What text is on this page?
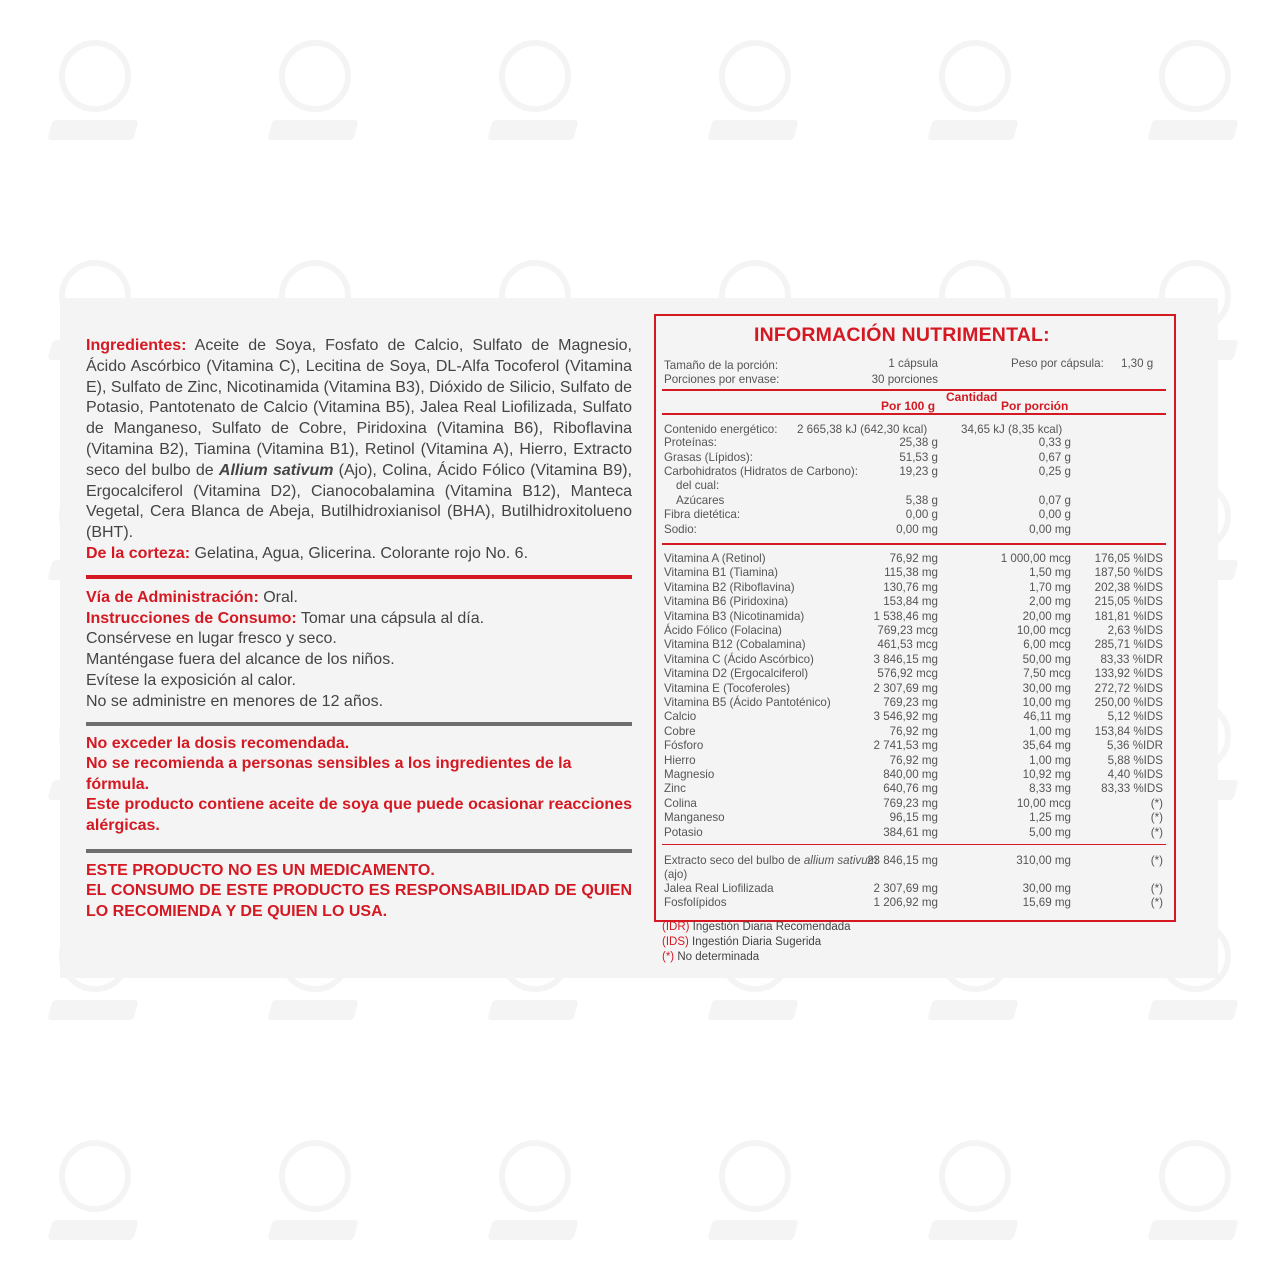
Ingredientes: Aceite de Soya, Fosfato de Calcio, Sulfato de Magnesio, Ácido Ascórbico (Vitamina C), Lecitina de Soya, DL-Alfa Tocoferol (Vitamina E), Sulfato de Zinc, Nicotinamida (Vitamina B3), Dióxido de Silicio, Sulfato de Potasio, Pantotenato de Calcio (Vitamina B5), Jalea Real Liofilizada, Sulfato de Manganeso, Sulfato de Cobre, Piridoxina (Vitamina B6), Riboflavina (Vitamina B2), Tiamina (Vitamina B1), Retinol (Vitamina A), Hierro, Extracto seco del bulbo de Allium sativum (Ajo), Colina, Ácido Fólico (Vitamina B9), Ergocalciferol (Vitamina D2), Cianocobalamina (Vitamina B12), Manteca Vegetal, Cera Blanca de Abeja, Butilhidroxianisol (BHA), Butilhidroxitolueno (BHT).
De la corteza: Gelatina, Agua, Glicerina. Colorante rojo No. 6.
Vía de Administración: Oral.
Instrucciones de Consumo: Tomar una cápsula al día.
Consérvese en lugar fresco y seco.
Manténgase fuera del alcance de los niños.
Evítese la exposición al calor.
No se administre en menores de 12 años.
No exceder la dosis recomendada.
No se recomienda a personas sensibles a los ingredientes de la fórmula.
Este producto contiene aceite de soya que puede ocasionar reacciones alérgicas.
ESTE PRODUCTO NO ES UN MEDICAMENTO.
EL CONSUMO DE ESTE PRODUCTO ES RESPONSABILIDAD DE QUIEN LO RECOMIENDA Y DE QUIEN LO USA.
INFORMACIÓN NUTRIMENTAL:
Tamaño de la porción:	1 cápsula	Peso por cápsula: 1,30 g
Porciones por envase:	30 porciones
Cantidad
Por 100 g	Por porción
Contenido energético: 2 665,38 kJ (642,30 kcal)	34,65 kJ (8,35 kcal)
Proteínas:	25,38 g	0,33 g
Grasas (Lípidos):	51,53 g	0,67 g
Carbohidratos (Hidratos de Carbono):	19,23 g	0,25 g
del cual:
Azúcares	5,38 g	0,07 g
Fibra dietética:	0,00 g	0,00 g
Sodio:	0,00 mg	0,00 mg
Vitamina A (Retinol)	76,92 mg	1 000,00 mcg	176,05 %IDS
Vitamina B1 (Tiamina)	115,38 mg	1,50 mg	187,50 %IDS
Vitamina B2 (Riboflavina)	130,76 mg	1,70 mg	202,38 %IDS
Vitamina B6 (Piridoxina)	153,84 mg	2,00 mg	215,05 %IDS
Vitamina B3 (Nicotinamida)	1 538,46 mg	20,00 mg	181,81 %IDS
Ácido Fólico (Folacina)	769,23 mcg	10,00 mcg	2,63 %IDS
Vitamina B12 (Cobalamina)	461,53 mcg	6,00 mcg	285,71 %IDS
Vitamina C (Ácido Ascórbico)	3 846,15 mg	50,00 mg	83,33 %IDR
Vitamina D2 (Ergocalciferol)	576,92 mcg	7,50 mcg	133,92 %IDS
Vitamina E (Tocoferoles)	2 307,69 mg	30,00 mg	272,72 %IDS
Vitamina B5 (Ácido Pantoténico)	769,23 mg	10,00 mg	250,00 %IDS
Calcio	3 546,92 mg	46,11 mg	5,12 %IDS
Cobre	76,92 mg	1,00 mg	153,84 %IDS
Fósforo	2 741,53 mg	35,64 mg	5,36 %IDR
Hierro	76,92 mg	1,00 mg	5,88 %IDS
Magnesio	840,00 mg	10,92 mg	4,40 %IDS
Zinc	640,76 mg	8,33 mg	83,33 %IDS
Colina	769,23 mg	10,00 mcg	(*)
Manganeso	96,15 mg	1,25 mg	(*)
Potasio	384,61 mg	5,00 mg	(*)
Extracto seco del bulbo de allium sativum
(ajo)
23 846,15 mg	310,00 mg	(*)
Jalea Real Liofilizada	2 307,69 mg	30,00 mg	(*)
Fosfolípidos	1 206,92 mg	15,69 mg	(*)
(IDR) Ingestión Diaria Recomendada
(IDS) Ingestión Diaria Sugerida
(*) No determinada
